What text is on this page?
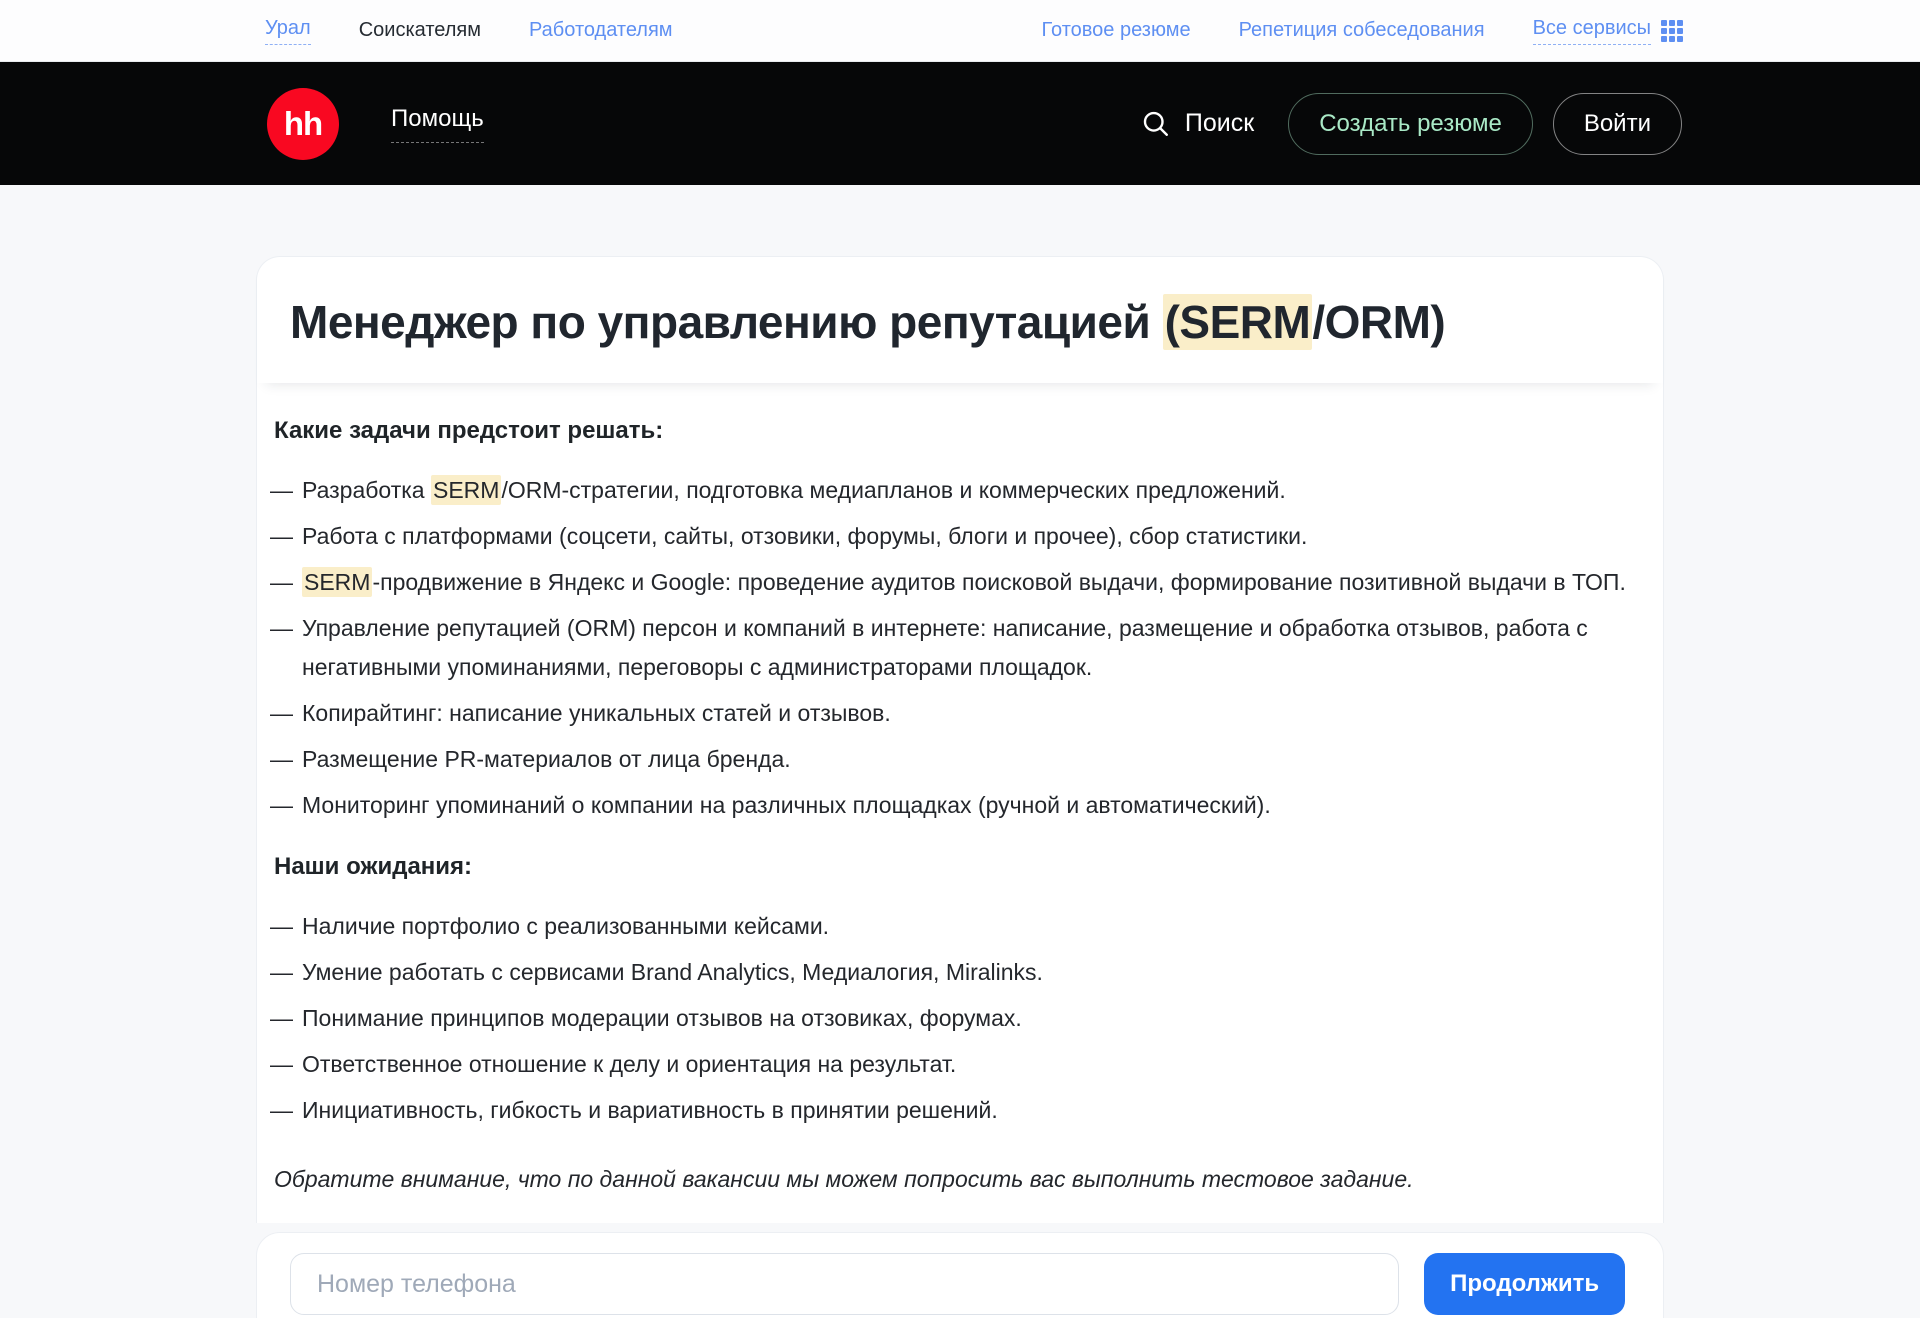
Урал Соискателям Работодателям	Готовое резюме Репетиция собеседования Все сервисы
hh	Помощь	Поиск	Создать резюме	Войти
Менеджер по управлению репутацией (SERM/ORM)
Какие задачи предстоит решать:
— Разработка SERM/ORM-стратегии, подготовка медиапланов и коммерческих предложений.
— Работа с платформами (соцсети, сайты, отзовики, форумы, блоги и прочее), сбор статистики.
— SERM-продвижение в Яндекс и Google: проведение аудитов поисковой выдачи, формирование позитивной выдачи в ТОП.
— Управление репутацией (ORM) персон и компаний в интернете: написание, размещение и обработка отзывов, работа с негативными упоминаниями, переговоры с администраторами площадок.
— Копирайтинг: написание уникальных статей и отзывов.
— Размещение PR-материалов от лица бренда.
— Мониторинг упоминаний о компании на различных площадках (ручной и автоматический).
Наши ожидания:
— Наличие портфолио с реализованными кейсами.
— Умение работать с сервисами Brand Analytics, Медиалогия, Miralinks.
— Понимание принципов модерации отзывов на отзовиках, форумах.
— Ответственное отношение к делу и ориентация на результат.
— Инициативность, гибкость и вариативность в принятии решений.

Обратите внимание, что по данной вакансии мы можем попросить вас выполнить тестовое задание.

Номер телефона
Продолжить
